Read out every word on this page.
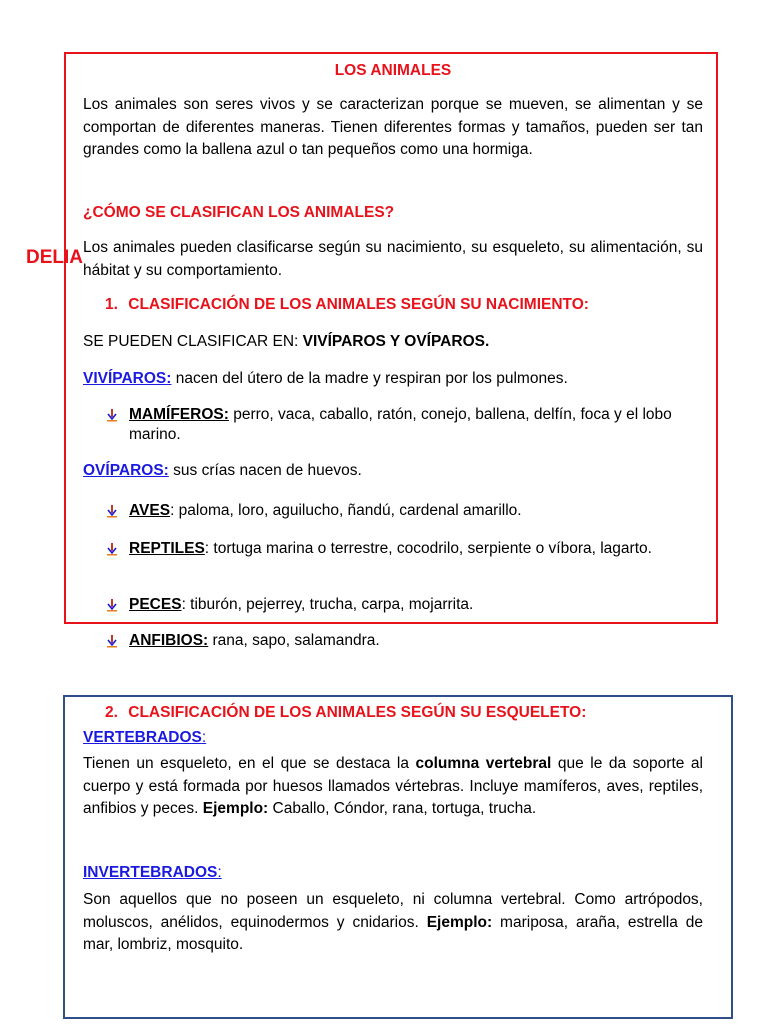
LOS ANIMALES
Los animales son seres vivos y se caracterizan porque se mueven, se alimentan y se comportan de diferentes maneras. Tienen diferentes formas y tamaños, pueden ser tan grandes como la ballena azul o tan pequeños como una hormiga.
¿CÓMO SE CLASIFICAN LOS ANIMALES?
DELIA Los animales pueden clasificarse según su nacimiento, su esqueleto, su alimentación, su hábitat y su comportamiento.
1. CLASIFICACIÓN DE LOS ANIMALES SEGÚN SU NACIMIENTO:
SE PUEDEN CLASIFICAR EN: VIVÍPAROS Y OVÍPAROS.
VIVÍPAROS: nacen del útero de la madre y respiran por los pulmones.
MAMÍFEROS: perro, vaca, caballo, ratón, conejo, ballena, delfín, foca y el lobo marino.
OVÍPAROS: sus crías nacen de huevos.
AVES: paloma, loro, aguilucho, ñandú, cardenal amarillo.
REPTILES: tortuga marina o terrestre, cocodrilo, serpiente o víbora, lagarto.
PECES: tiburón, pejerrey, trucha, carpa, mojarrita.
ANFIBIOS: rana, sapo, salamandra.
2. CLASIFICACIÓN DE LOS ANIMALES SEGÚN SU ESQUELETO:
VERTEBRADOS:
Tienen un esqueleto, en el que se destaca la columna vertebral que le da soporte al cuerpo y está formada por huesos llamados vértebras. Incluye mamíferos, aves, reptiles, anfibios y peces. Ejemplo: Caballo, Cóndor, rana, tortuga, trucha.
INVERTEBRADOS:
Son aquellos que no poseen un esqueleto, ni columna vertebral. Como artrópodos, moluscos, anélidos, equinodermos y cnidarios. Ejemplo: mariposa, araña, estrella de mar, lombriz, mosquito.
